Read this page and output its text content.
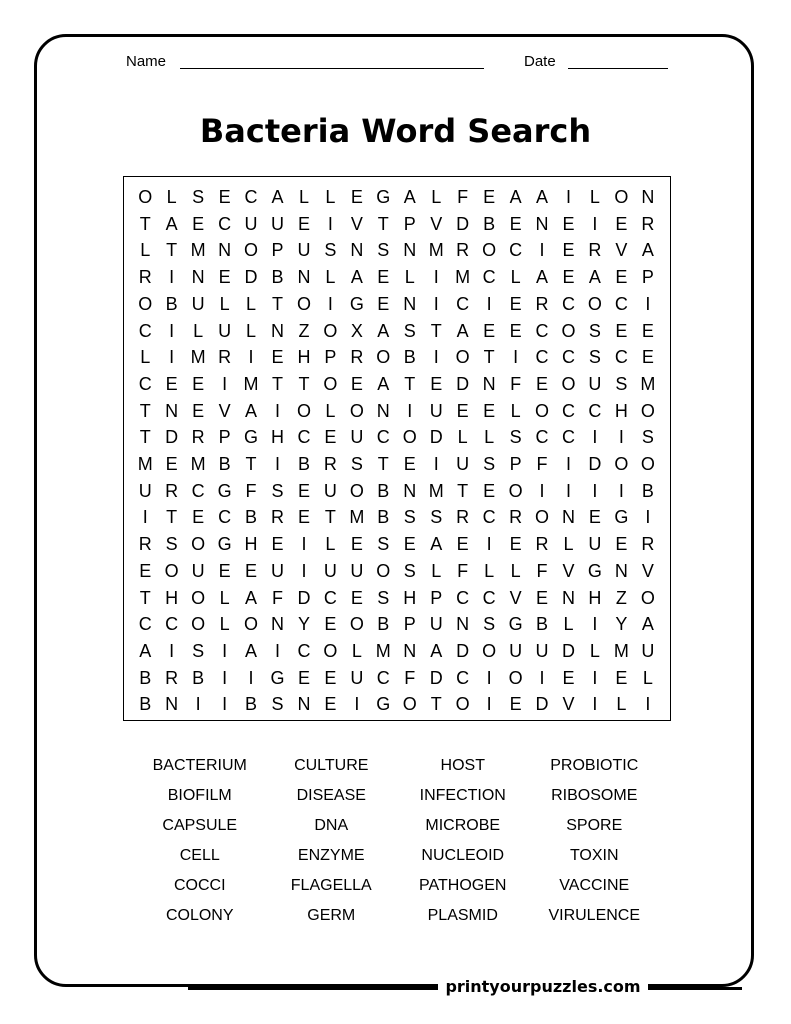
Name	Date
Bacteria Word Search
O L S E C A L L E G A L F E A A I	L O N
T A E C U U E I V T P V D B E N E I E R
L T M N O P U S N S N M R O C I E R V A
R I N E D B N L A E L	I M C L A E A E P
O B U L L T O I G E N I C I E R C O C I
C I	L U L N Z O X A S T A E E C O S E E
L	I M R I E H P R O B I O T	I C C S C E
C E E I M T T O E A T E D N F E O U S M
T N E V A I O L O N I U E E L O C C H O
T D R P G H C E U C O D L L S C C I	I S
M E M B T	I B R S T E I U S P F	I D O O
U R C G F S E U O B N M T E O I	I	I	I B
I	T E C B R E T M B S S R C R O N E G I
R S O G H E I	L E S E A E I E R L U E R
E O U E E U I U U O S L F L L F V G N V
T H O L A F D C E S H P C C V E N H Z O
C C O L O N Y E O B P U N S G B L	I Y A
A I S I A I C O L M N A D O U U D L M U
B R B I	I G E E U C F D C I O I E I E L
B N I	I B S N E I G O T O I E D V I	L	I
BACTERIUM	CULTURE	HOST	PROBIOTIC
BIOFILM	DISEASE	INFECTION	RIBOSOME
CAPSULE	DNA	MICROBE	SPORE
CELL	ENZYME	NUCLEOID	TOXIN
COCCI	FLAGELLA	PATHOGEN	VACCINE
COLONY	GERM	PLASMID	VIRULENCE
printyourpuzzles.com
